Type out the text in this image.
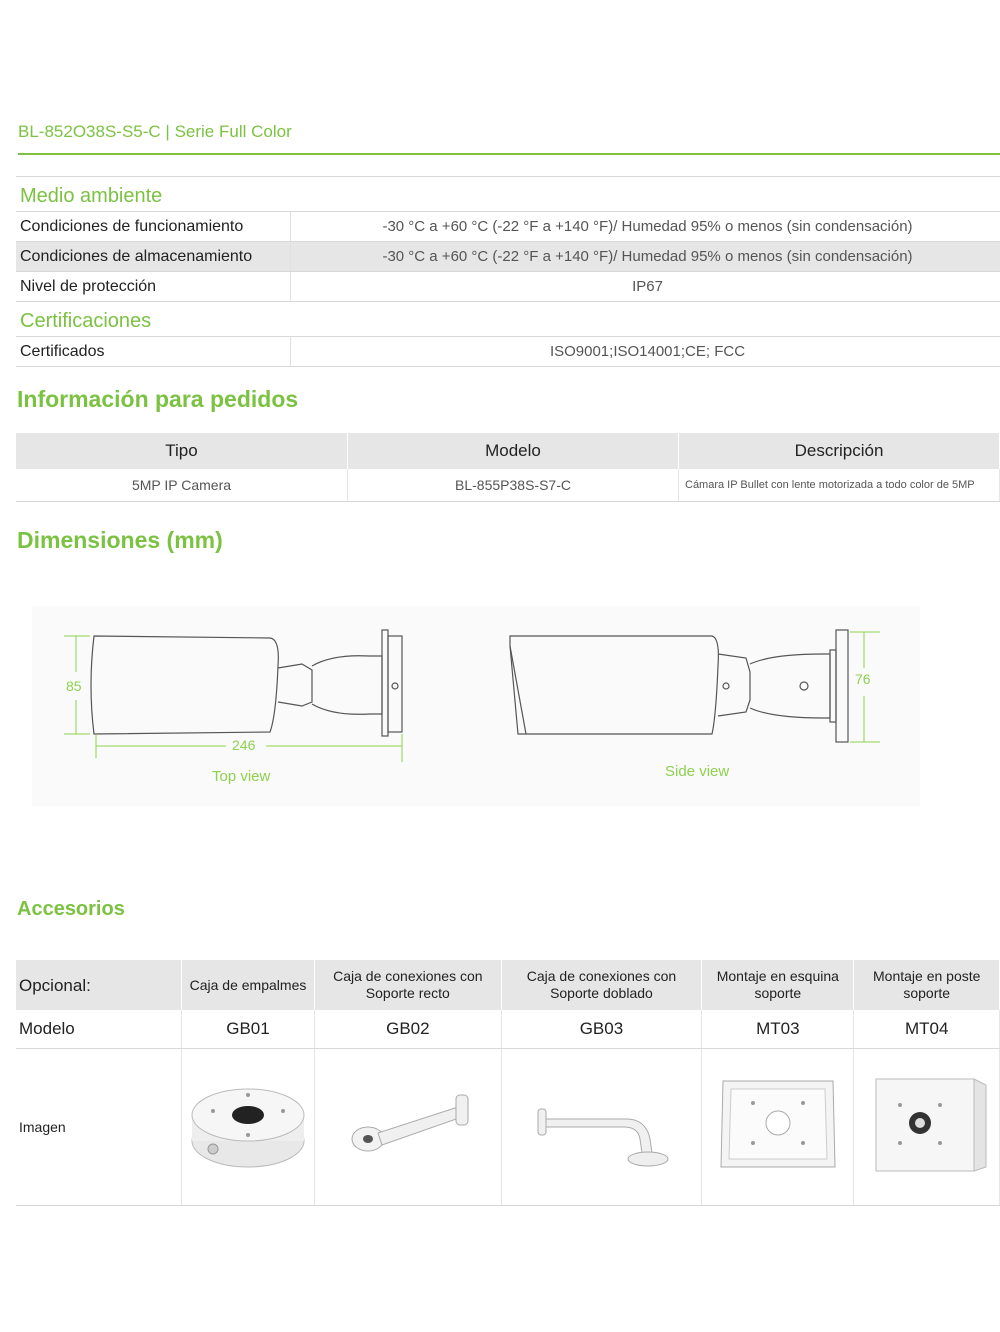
BL-852O38S-S5-C | Serie Full Color
Medio ambiente	
Condiciones de funcionamiento	-30 °C a +60 °C (-22 °F a +140 °F)/ Humedad 95% o menos (sin condensación)
Condiciones de almacenamiento	-30 °C a +60 °C (-22 °F a +140 °F)/ Humedad 95% o menos (sin condensación)
Nivel de protección	IP67
Certificaciones	
Certificados	ISO9001;ISO14001;CE; FCC
Información para pedidos
Tipo	Modelo	Descripción
5MP IP Camera	BL-855P38S-S7-C	Cámara IP Bullet con lente motorizada a todo color de 5MP
Dimensiones (mm)
85
246
Top view
76
Side view
Accesorios
Opcional:	Caja de empalmes	Caja de conexiones con Soporte recto	Caja de conexiones con Soporte doblado	Montaje en esquina soporte	Montaje en poste soporte
Modelo	GB01	GB02	GB03	MT03	MT04
Imagen					
